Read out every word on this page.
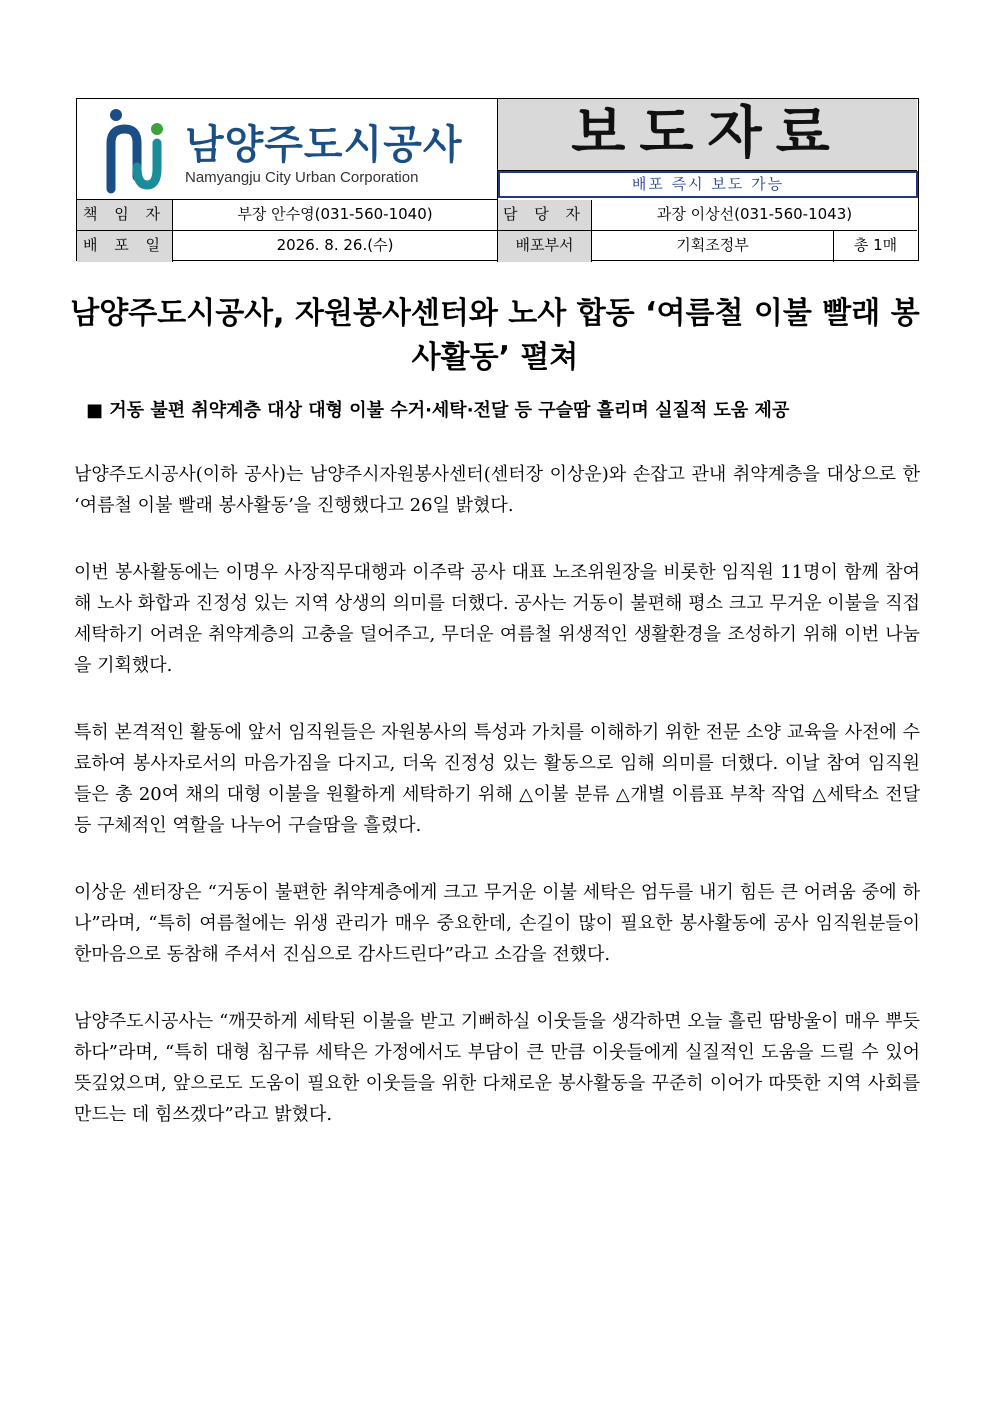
남양주도시공사
Namyangju City Urban Corporation
보도자료
배포 즉시 보도 가능
책 임 자	부장 안수영(031-560-1040)	담 당 자	과장 이상선(031-560-1043)
배 포 일	2026. 8. 26.(수)	배포부서	기획조정부	총 1매
남양주도시공사, 자원봉사센터와 노사 합동 ‘여름철 이불 빨래 봉사활동’ 펼쳐
■ 거동 불편 취약계층 대상 대형 이불 수거·세탁·전달 등 구슬땀 흘리며 실질적 도움 제공

남양주도시공사(이하 공사)는 남양주시자원봉사센터(센터장 이상운)와 손잡고 관내 취약계층을 대상으로 한 ‘여름철 이불 빨래 봉사활동’을 진행했다고 26일 밝혔다.

이번 봉사활동에는 이명우 사장직무대행과 이주락 공사 대표 노조위원장을 비롯한 임직원 11명이 함께 참여해 노사 화합과 진정성 있는 지역 상생의 의미를 더했다. 공사는 거동이 불편해 평소 크고 무거운 이불을 직접 세탁하기 어려운 취약계층의 고충을 덜어주고, 무더운 여름철 위생적인 생활환경을 조성하기 위해 이번 나눔을 기획했다.

특히 본격적인 활동에 앞서 임직원들은 자원봉사의 특성과 가치를 이해하기 위한 전문 소양 교육을 사전에 수료하여 봉사자로서의 마음가짐을 다지고, 더욱 진정성 있는 활동으로 임해 의미를 더했다. 이날 참여 임직원들은 총 20여 채의 대형 이불을 원활하게 세탁하기 위해 △이불 분류 △개별 이름표 부착 작업 △세탁소 전달 등 구체적인 역할을 나누어 구슬땀을 흘렸다.

이상운 센터장은 “거동이 불편한 취약계층에게 크고 무거운 이불 세탁은 엄두를 내기 힘든 큰 어려움 중에 하나”라며, “특히 여름철에는 위생 관리가 매우 중요한데, 손길이 많이 필요한 봉사활동에 공사 임직원분들이 한마음으로 동참해 주셔서 진심으로 감사드린다”라고 소감을 전했다.

남양주도시공사는 “깨끗하게 세탁된 이불을 받고 기뻐하실 이웃들을 생각하면 오늘 흘린 땀방울이 매우 뿌듯하다”라며, “특히 대형 침구류 세탁은 가정에서도 부담이 큰 만큼 이웃들에게 실질적인 도움을 드릴 수 있어 뜻깊었으며, 앞으로도 도움이 필요한 이웃들을 위한 다채로운 봉사활동을 꾸준히 이어가 따뜻한 지역 사회를 만드는 데 힘쓰겠다”라고 밝혔다.
